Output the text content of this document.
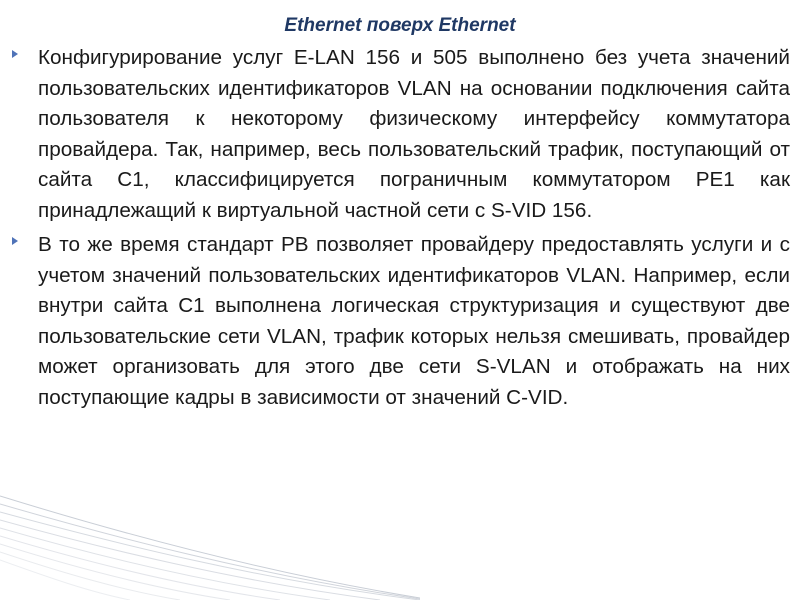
Ethernet поверх Ethernet
Конфигурирование услуг E-LAN 156 и 505 выполнено без учета значений пользовательских идентификаторов VLAN на основании подключения сайта пользователя к некоторому физическому интерфейсу коммутатора провайдера. Так, например, весь пользовательский трафик, поступающий от сайта С1, классифицируется пограничным коммутатором РЕ1 как принадлежащий к виртуальной частной сети с S-VID 156.
В то же время стандарт РВ позволяет провайдеру предоставлять услуги и с учетом значений пользовательских идентификаторов VLAN. Например, если внутри сайта С1 выполнена логическая структуризация и существуют две пользовательские сети VLAN, трафик которых нельзя смешивать, провайдер может организовать для этого две сети S-VLAN и отображать на них поступающие кадры в зависимости от значений C-VID.
